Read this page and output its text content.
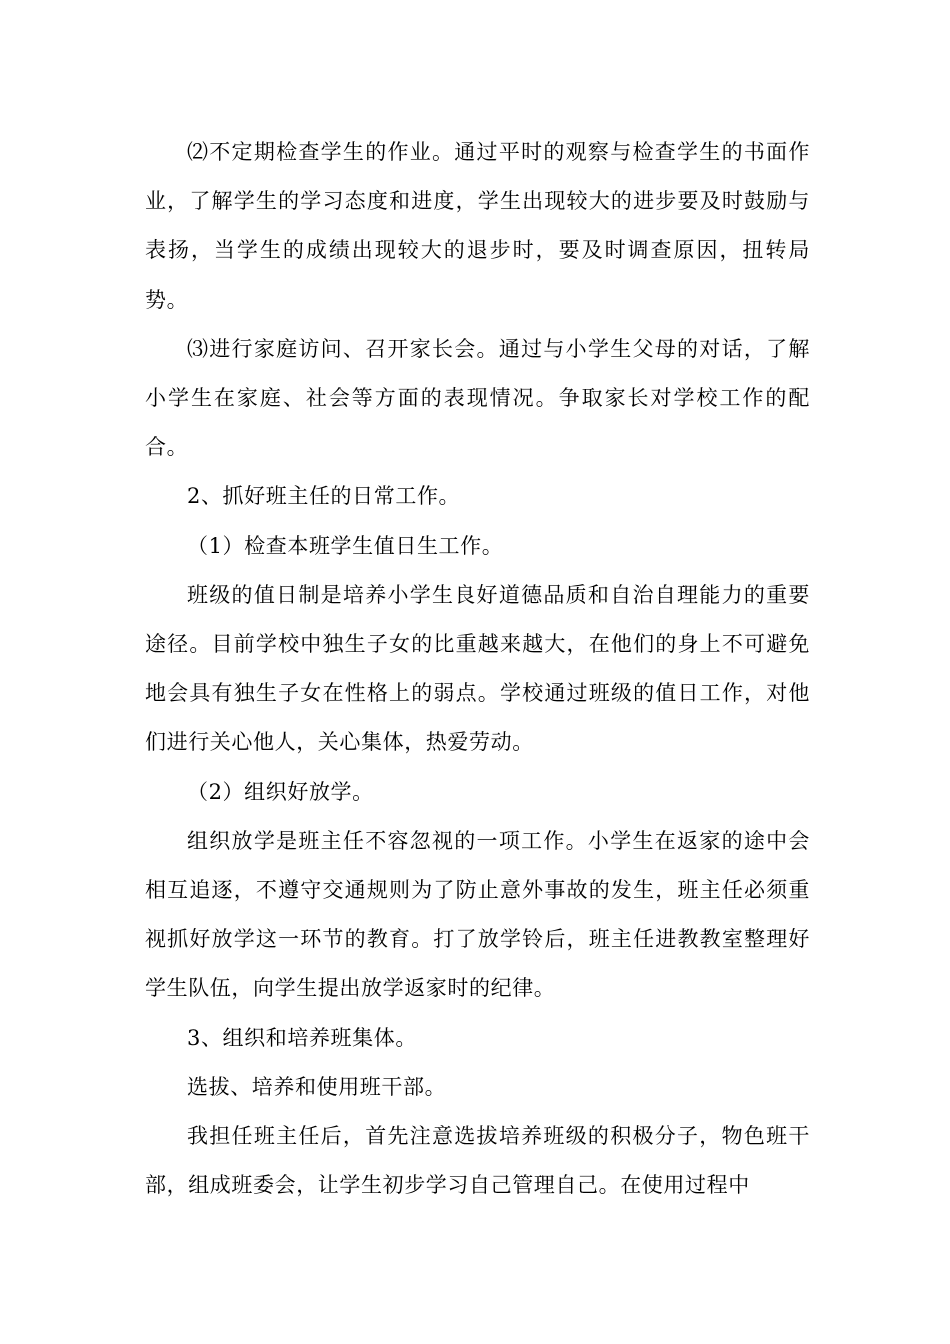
⑵不定期检查学生的作业。通过平时的观察与检查学生的书面作业，了解学生的学习态度和进度，学生出现较大的进步要及时鼓励与表扬，当学生的成绩出现较大的退步时，要及时调查原因，扭转局势。

⑶进行家庭访问、召开家长会。通过与小学生父母的对话，了解小学生在家庭、社会等方面的表现情况。争取家长对学校工作的配合。

2、抓好班主任的日常工作。

（1）检查本班学生值日生工作。

班级的值日制是培养小学生良好道德品质和自治自理能力的重要途径。目前学校中独生子女的比重越来越大，在他们的身上不可避免地会具有独生子女在性格上的弱点。学校通过班级的值日工作，对他们进行关心他人，关心集体，热爱劳动。

（2）组织好放学。

组织放学是班主任不容忽视的一项工作。小学生在返家的途中会相互追逐，不遵守交通规则为了防止意外事故的发生，班主任必须重视抓好放学这一环节的教育。打了放学铃后，班主任进教教室整理好学生队伍，向学生提出放学返家时的纪律。

3、组织和培养班集体。

选拔、培养和使用班干部。

我担任班主任后，首先注意选拔培养班级的积极分子，物色班干部，组成班委会，让学生初步学习自己管理自己。在使用过程中
